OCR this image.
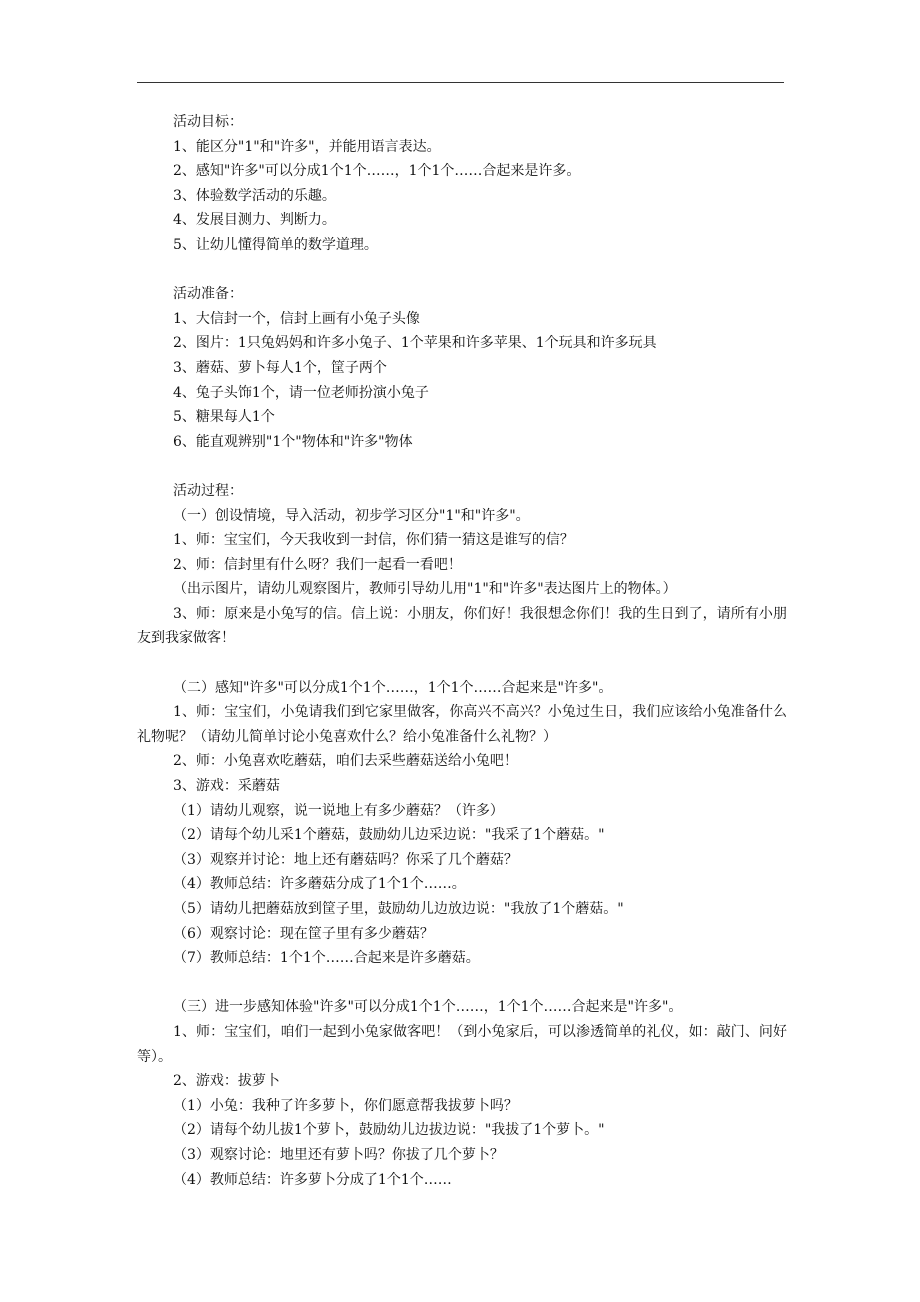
活动目标：

1、能区分"1"和"许多"，并能用语言表达。

2、感知"许多"可以分成1个1个……，1个1个……合起来是许多。

3、体验数学活动的乐趣。

4、发展目测力、判断力。

5、让幼儿懂得简单的数学道理。

活动准备：

1、大信封一个，信封上画有小兔子头像

2、图片：1只兔妈妈和许多小兔子、1个苹果和许多苹果、1个玩具和许多玩具

3、蘑菇、萝卜每人1个，筐子两个

4、兔子头饰1个，请一位老师扮演小兔子

5、糖果每人1个

6、能直观辨别"1个"物体和"许多"物体

活动过程：

（一）创设情境，导入活动，初步学习区分"1"和"许多"。

1、师：宝宝们，今天我收到一封信，你们猜一猜这是谁写的信？

2、师：信封里有什么呀？我们一起看一看吧！

（出示图片，请幼儿观察图片，教师引导幼儿用"1"和"许多"表达图片上的物体。）

3、师：原来是小兔写的信。信上说：小朋友，你们好！我很想念你们！我的生日到了，请所有小朋友到我家做客！

（二）感知"许多"可以分成1个1个……，1个1个……合起来是"许多"。

1、师：宝宝们，小兔请我们到它家里做客，你高兴不高兴？小兔过生日，我们应该给小兔准备什么礼物呢？（请幼儿简单讨论小兔喜欢什么？给小兔准备什么礼物？）

2、师：小兔喜欢吃蘑菇，咱们去采些蘑菇送给小兔吧！

3、游戏：采蘑菇

（1）请幼儿观察，说一说地上有多少蘑菇？（许多）

（2）请每个幼儿采1个蘑菇，鼓励幼儿边采边说："我采了1个蘑菇。"

（3）观察并讨论：地上还有蘑菇吗？你采了几个蘑菇？

（4）教师总结：许多蘑菇分成了1个1个……。

（5）请幼儿把蘑菇放到筐子里，鼓励幼儿边放边说："我放了1个蘑菇。"

（6）观察讨论：现在筐子里有多少蘑菇？

（7）教师总结：1个1个……合起来是许多蘑菇。

（三）进一步感知体验"许多"可以分成1个1个……，1个1个……合起来是"许多"。

1、师：宝宝们，咱们一起到小兔家做客吧！（到小兔家后，可以渗透简单的礼仪，如：敲门、问好等）。

2、游戏：拔萝卜

（1）小兔：我种了许多萝卜，你们愿意帮我拔萝卜吗？

（2）请每个幼儿拔1个萝卜，鼓励幼儿边拔边说："我拔了1个萝卜。"

（3）观察讨论：地里还有萝卜吗？你拔了几个萝卜？

（4）教师总结：许多萝卜分成了1个1个……
